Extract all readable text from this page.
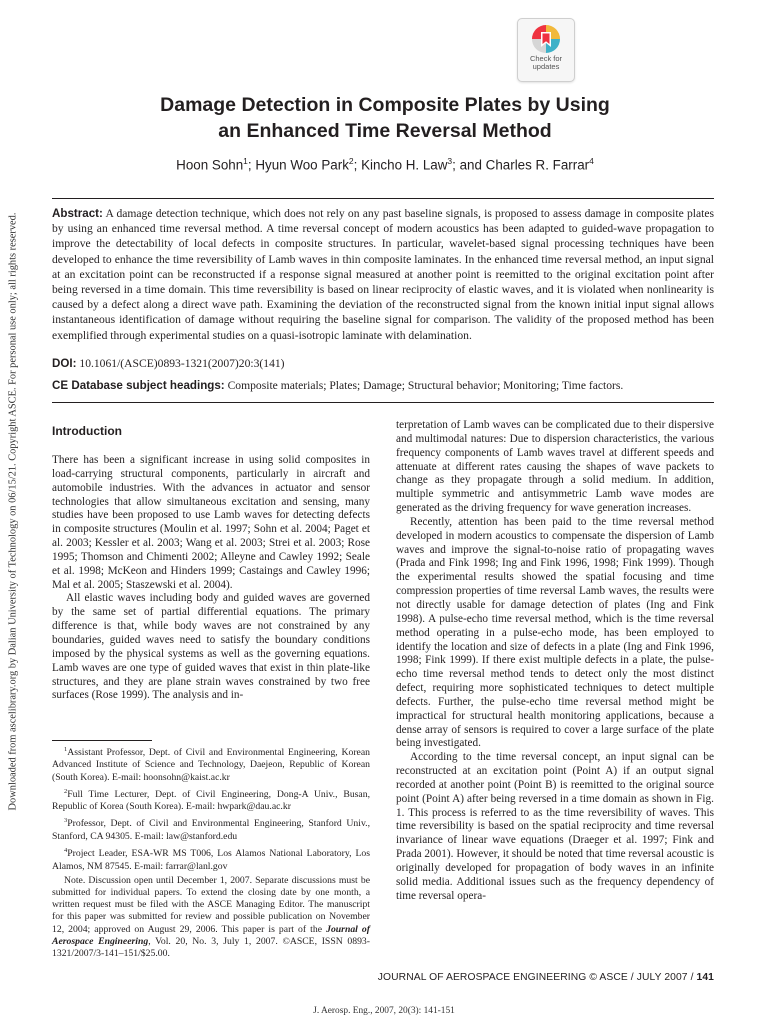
Downloaded from ascelibrary.org by Dalian University of Technology on 06/15/21. Copyright ASCE. For personal use only; all rights reserved.
Check for
updates
Damage Detection in Composite Plates by Using
an Enhanced Time Reversal Method
Hoon Sohn$^1$; Hyun Woo Park$^2$; Kincho H. Law$^3$; and Charles R. Farrar$^4$
Abstract: A damage detection technique, which does not rely on any past baseline signals, is proposed to assess damage in composite plates by using an enhanced time reversal method. A time reversal concept of modern acoustics has been adapted to guided-wave propagation to improve the detectability of local defects in composite structures. In particular, wavelet-based signal processing techniques have been developed to enhance the time reversibility of Lamb waves in thin composite laminates. In the enhanced time reversal method, an input signal at an excitation point can be reconstructed if a response signal measured at another point is reemitted to the original excitation point after being reversed in a time domain. This time reversibility is based on linear reciprocity of elastic waves, and it is violated when nonlinearity is caused by a defect along a direct wave path. Examining the deviation of the reconstructed signal from the known initial input signal allows instantaneous identification of damage without requiring the baseline signal for comparison. The validity of the proposed method has been exemplified through experimental studies on a quasi-isotropic laminate with delamination.
DOI: 10.1061/(ASCE)0893-1321(2007)20:3(141)
CE Database subject headings: Composite materials; Plates; Damage; Structural behavior; Monitoring; Time factors.
Introduction

There has been a significant increase in using solid composites in load-carrying structural components, particularly in aircraft and automobile industries. With the advances in actuator and sensor technologies that allow simultaneous excitation and sensing, many studies have been proposed to use Lamb waves for detecting defects in composite structures (Moulin et al. 1997; Sohn et al. 2004; Paget et al. 2003; Kessler et al. 2003; Wang et al. 2003; Strei et al. 2003; Rose 1995; Thomson and Chimenti 2002; Alleyne and Cawley 1992; Seale et al. 1998; McKeon and Hinders 1999; Castaings and Cawley 1996; Mal et al. 2005; Staszewski et al. 2004).

All elastic waves including body and guided waves are governed by the same set of partial differential equations. The primary difference is that, while body waves are not constrained by any boundaries, guided waves need to satisfy the boundary conditions imposed by the physical systems as well as the governing equations. Lamb waves are one type of guided waves that exist in thin plate-like structures, and they are plane strain waves constrained by two free surfaces (Rose 1999). The analysis and in-

$^1$Assistant Professor, Dept. of Civil and Environmental Engineering, Korean Advanced Institute of Science and Technology, Daejeon, Republic of Korean (South Korea). E-mail: hoonsohn@kaist.ac.kr

$^2$Full Time Lecturer, Dept. of Civil Engineering, Dong-A Univ., Busan, Republic of Korea (South Korea). E-mail: hwpark@dau.ac.kr

$^3$Professor, Dept. of Civil and Environmental Engineering, Stanford Univ., Stanford, CA 94305. E-mail: law@stanford.edu

$^4$Project Leader, ESA-WR MS T006, Los Alamos National Laboratory, Los Alamos, NM 87545. E-mail: farrar@lanl.gov

Note. Discussion open until December 1, 2007. Separate discussions must be submitted for individual papers. To extend the closing date by one month, a written request must be filed with the ASCE Managing Editor. The manuscript for this paper was submitted for review and possible publication on November 12, 2004; approved on August 29, 2006. This paper is part of the Journal of Aerospace Engineering, Vol. 20, No. 3, July 1, 2007. ©ASCE, ISSN 0893-1321/2007/3-141–151/$25.00.

terpretation of Lamb waves can be complicated due to their dispersive and multimodal natures: Due to dispersion characteristics, the various frequency components of Lamb waves travel at different speeds and attenuate at different rates causing the shapes of wave packets to change as they propagate through a solid medium. In addition, multiple symmetric and antisymmetric Lamb wave modes are generated as the driving frequency for wave generation increases.

Recently, attention has been paid to the time reversal method developed in modern acoustics to compensate the dispersion of Lamb waves and improve the signal-to-noise ratio of propagating waves (Prada and Fink 1998; Ing and Fink 1996, 1998; Fink 1999). Though the experimental results showed the spatial focusing and time compression properties of time reversal Lamb waves, the results were not directly usable for damage detection of plates (Ing and Fink 1998). A pulse-echo time reversal method, which is the time reversal method operating in a pulse-echo mode, has been employed to identify the location and size of defects in a plate (Ing and Fink 1996, 1998; Fink 1999). If there exist multiple defects in a plate, the pulse-echo time reversal method tends to detect only the most distinct defect, requiring more sophisticated techniques to detect multiple defects. Further, the pulse-echo time reversal method might be impractical for structural health monitoring applications, because a dense array of sensors is required to cover a large surface of the plate being investigated.

According to the time reversal concept, an input signal can be reconstructed at an excitation point (Point A) if an output signal recorded at another point (Point B) is reemitted to the original source point (Point A) after being reversed in a time domain as shown in Fig. 1. This process is referred to as the time reversibility of waves. This time reversibility is based on the spatial reciprocity and time reversal invariance of linear wave equations (Draeger et al. 1997; Fink and Prada 2001). However, it should be noted that time reversal acoustic is originally developed for propagation of body waves in an infinite solid media. Additional issues such as the frequency dependency of time reversal opera-

JOURNAL OF AEROSPACE ENGINEERING © ASCE / JULY 2007 / 141
J. Aerosp. Eng., 2007, 20(3): 141-151
